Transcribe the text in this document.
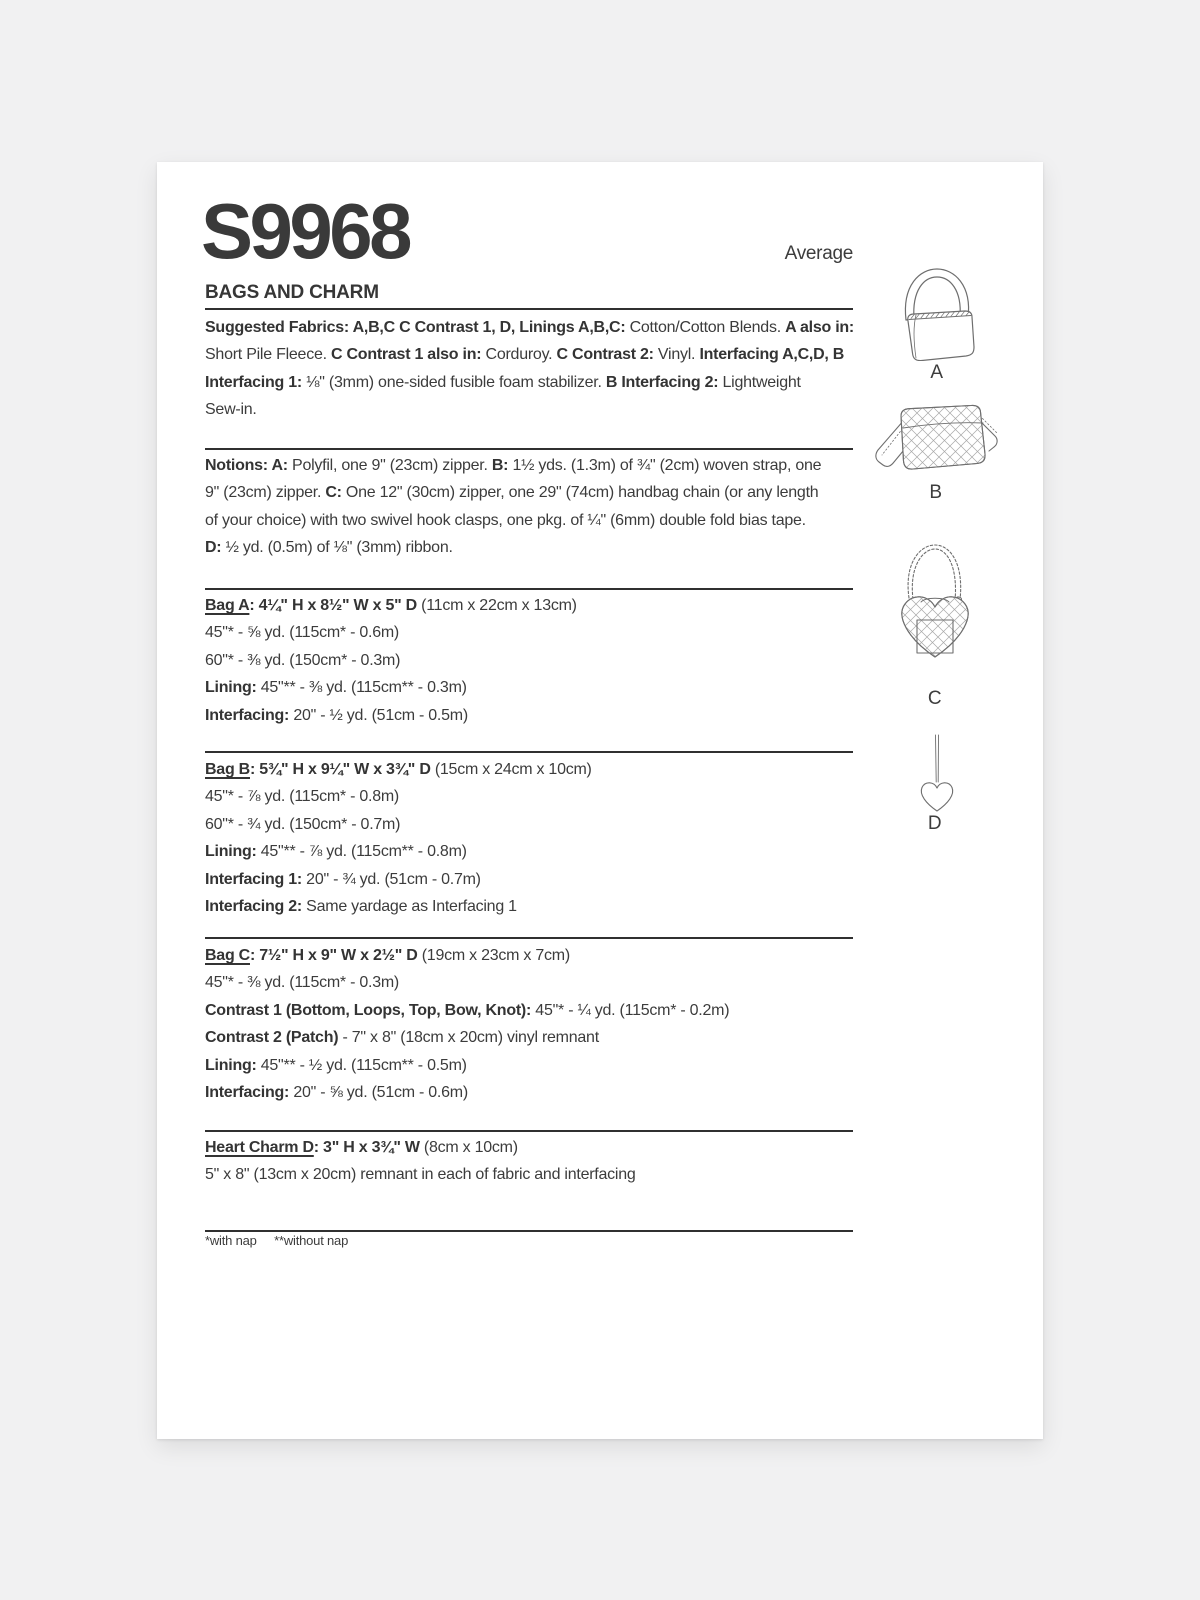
S9968	Average
BAGS AND CHARM
Suggested Fabrics: A,B,C C Contrast 1, D, Linings A,B,C: Cotton/Cotton Blends. A also in:
Short Pile Fleece. C Contrast 1 also in: Corduroy. C Contrast 2: Vinyl. Interfacing A,C,D, B
Interfacing 1: ⅛" (3mm) one-sided fusible foam stabilizer. B Interfacing 2: Lightweight
Sew-in.
Notions: A: Polyfil, one 9" (23cm) zipper. B: 1½ yds. (1.3m) of ¾" (2cm) woven strap, one
9" (23cm) zipper. C: One 12" (30cm) zipper, one 29" (74cm) handbag chain (or any length
of your choice) with two swivel hook clasps, one pkg. of ¼" (6mm) double fold bias tape.
D: ½ yd. (0.5m) of ⅛" (3mm) ribbon.
Bag A: 4¼" H x 8½" W x 5" D (11cm x 22cm x 13cm)
45"* - ⅝ yd. (115cm* - 0.6m)
60"* - ⅜ yd. (150cm* - 0.3m)
Lining: 45"** - ⅜ yd. (115cm** - 0.3m)
Interfacing: 20" - ½ yd. (51cm - 0.5m)
Bag B: 5¾" H x 9¼" W x 3¾" D (15cm x 24cm x 10cm)
45"* - ⅞ yd. (115cm* - 0.8m)
60"* - ¾ yd. (150cm* - 0.7m)
Lining: 45"** - ⅞ yd. (115cm** - 0.8m)
Interfacing 1: 20" - ¾ yd. (51cm - 0.7m)
Interfacing 2: Same yardage as Interfacing 1
Bag C: 7½" H x 9" W x 2½" D (19cm x 23cm x 7cm)
45"* - ⅜ yd. (115cm* - 0.3m)
Contrast 1 (Bottom, Loops, Top, Bow, Knot): 45"* - ¼ yd. (115cm* - 0.2m)
Contrast 2 (Patch) - 7" x 8" (18cm x 20cm) vinyl remnant
Lining: 45"** - ½ yd. (115cm** - 0.5m)
Interfacing: 20" - ⅝ yd. (51cm - 0.6m)
Heart Charm D: 3" H x 3¾" W (8cm x 10cm)
5" x 8" (13cm x 20cm) remnant in each of fabric and interfacing
*with nap **without nap
A
B
C
D
